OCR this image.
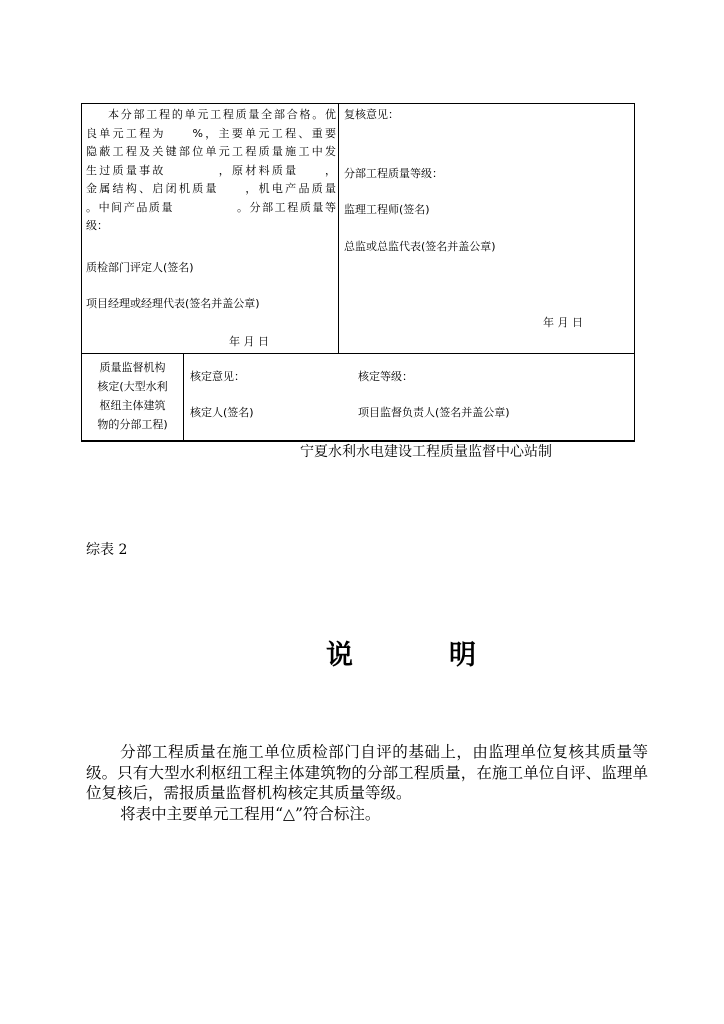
本分部工程的单元工程质量全部合格。优

良单元工程为　　%，主要单元工程、重要

隐蔽工程及关键部位单元工程质量施工中发

生过质量事故　　　　，原材料质量　　，

金属结构、启闭机质量　　，机电产品质量

。中间产品质量　　　　　。分部工程质量等

级：

质检部门评定人(签名)
项目经理或经理代表(签名并盖公章)
年 月 日
复核意见：
分部工程质量等级：
监理工程师(签名)
总监或总监代表(签名并盖公章)
年 月 日
质量监督机构
核定(大型水利
枢纽主体建筑
物的分部工程)
核定意见：	核定等级：
核定人(签名)	项目监督负责人(签名并盖公章)
宁夏水利水电建设工程质量监督中心站制
综表 2
说	明

分部工程质量在施工单位质检部门自评的基础上，由监理单位复核其质量等级。只有大型水利枢纽工程主体建筑物的分部工程质量，在施工单位自评、监理单位复核后，需报质量监督机构核定其质量等级。

将表中主要单元工程用“△”符合标注。
